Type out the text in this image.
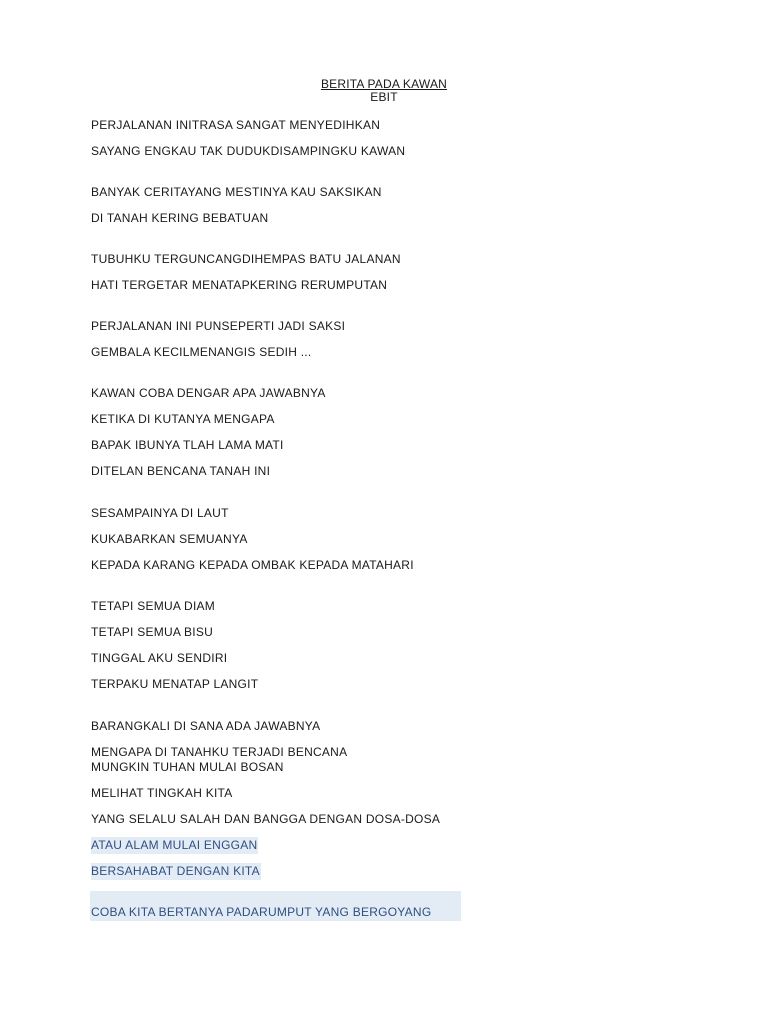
BERITA PADA KAWAN
EBIT
PERJALANAN INITRASA SANGAT MENYEDIHKAN
SAYANG ENGKAU TAK DUDUKDISAMPINGKU KAWAN
BANYAK CERITAYANG MESTINYA KAU SAKSIKAN
DI TANAH KERING BEBATUAN
TUBUHKU TERGUNCANGDIHEMPAS BATU JALANAN
HATI TERGETAR MENATAPKERING RERUMPUTAN
PERJALANAN INI PUNSEPERTI JADI SAKSI
GEMBALA KECILMENANGIS SEDIH ...
KAWAN COBA DENGAR APA JAWABNYA
KETIKA DI KUTANYA MENGAPA
BAPAK IBUNYA TLAH LAMA MATI
DITELAN BENCANA TANAH INI
SESAMPAINYA DI LAUT
KUKABARKAN SEMUANYA
KEPADA KARANG KEPADA OMBAK KEPADA MATAHARI
TETAPI SEMUA DIAM
TETAPI SEMUA BISU
TINGGAL AKU SENDIRI
TERPAKU MENATAP LANGIT
BARANGKALI DI SANA ADA JAWABNYA
MENGAPA DI TANAHKU TERJADI BENCANA
MUNGKIN TUHAN MULAI BOSAN
MELIHAT TINGKAH KITA
YANG SELALU SALAH DAN BANGGA DENGAN DOSA-DOSA
ATAU ALAM MULAI ENGGAN
BERSAHABAT DENGAN KITA
COBA KITA BERTANYA PADARUMPUT YANG BERGOYANG
